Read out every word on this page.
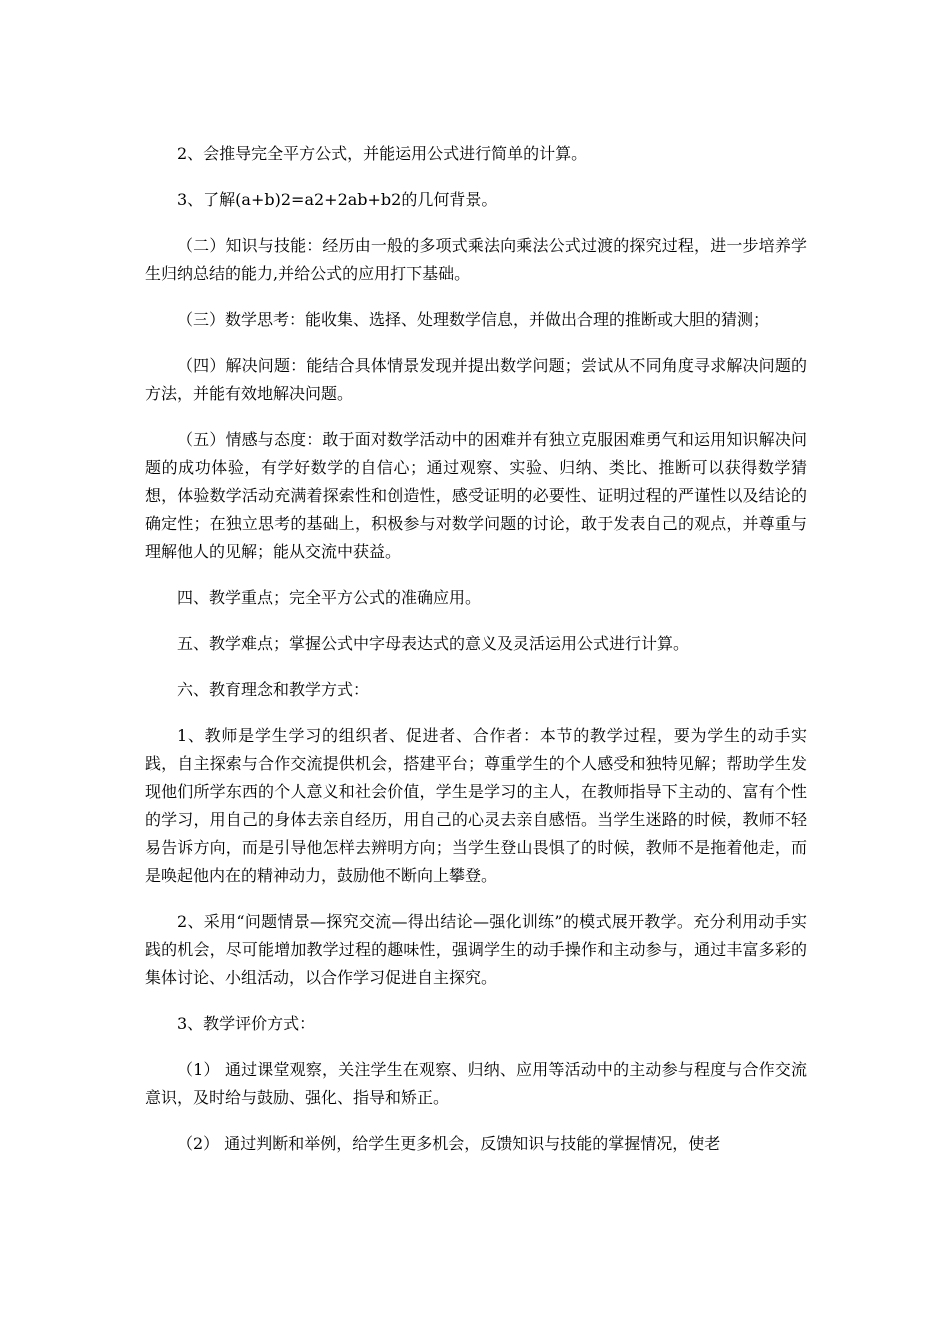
2、会推导完全平方公式，并能运用公式进行简单的计算。

3、了解(a+b)2=a2+2ab+b2的几何背景。

（二）知识与技能：经历由一般的多项式乘法向乘法公式过渡的探究过程，进一步培养学生归纳总结的能力,并给公式的应用打下基础。

（三）数学思考：能收集、选择、处理数学信息，并做出合理的推断或大胆的猜测；

（四）解决问题：能结合具体情景发现并提出数学问题；尝试从不同角度寻求解决问题的方法，并能有效地解决问题。

（五）情感与态度：敢于面对数学活动中的困难并有独立克服困难勇气和运用知识解决问题的成功体验，有学好数学的自信心；通过观察、实验、归纳、类比、推断可以获得数学猜想，体验数学活动充满着探索性和创造性，感受证明的必要性、证明过程的严谨性以及结论的确定性；在独立思考的基础上，积极参与对数学问题的讨论，敢于发表自己的观点，并尊重与理解他人的见解；能从交流中获益。

四、教学重点；完全平方公式的准确应用。

五、教学难点；掌握公式中字母表达式的意义及灵活运用公式进行计算。

六、教育理念和教学方式：

1、教师是学生学习的组织者、促进者、合作者：本节的教学过程，要为学生的动手实践，自主探索与合作交流提供机会，搭建平台；尊重学生的个人感受和独特见解；帮助学生发现他们所学东西的个人意义和社会价值，学生是学习的主人，在教师指导下主动的、富有个性的学习，用自己的身体去亲自经历，用自己的心灵去亲自感悟。当学生迷路的时候，教师不轻易告诉方向，而是引导他怎样去辨明方向；当学生登山畏惧了的时候，教师不是拖着他走，而是唤起他内在的精神动力，鼓励他不断向上攀登。

2、采用“问题情景—探究交流—得出结论—强化训练”的模式展开教学。充分利用动手实践的机会，尽可能增加教学过程的趣味性，强调学生的动手操作和主动参与，通过丰富多彩的集体讨论、小组活动，以合作学习促进自主探究。

3、教学评价方式：

（1） 通过课堂观察，关注学生在观察、归纳、应用等活动中的主动参与程度与合作交流意识，及时给与鼓励、强化、指导和矫正。

（2） 通过判断和举例，给学生更多机会，反馈知识与技能的掌握情况，使老
